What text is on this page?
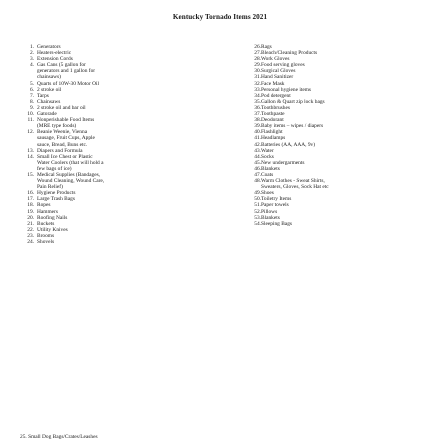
Kentucky Tornado Items 2021
1. Generators
2. Heaters-electric
3. Extension Cords
4. Gas Cans (5 gallon for
generators and 1 gallon for
chainsaws)
5. Quarts of 10W-30 Motor Oil
6. 2 stroke oil
7. Tarps
8. Chainsaws
9. 2 stroke oil and bar oil
10. Gatorade
11. Nonperishable Food Items
(MRE type foods)
12. Beanie Weenie, Vienna
sausage, Fruit Cups, Apple
sauce, Bread, Buns etc.
13. Diapers and Formula
14. Small Ice Chest or Plastic
Water Coolers (that will hold a
few bags of ice)
15. Medical Supplies (Bandages,
Wound Cleaning, Wound Care,
Pain Relief)
16. Hygiene Products
17. Large Trash Bags
18. Ropes
19. Hammers
20. Roofing Nails
21. Buckets
22. Utility Knives
23. Brooms
24. Shovels
26. Rags
27. Bleach/Cleaning Products
28. Work Gloves
29. Food serving gloves
30. Surgical Gloves
31. Hand Sanitizer
32. Face Mask
33. Personal hygiene items
34. Pod detergent
35. Gallon & Quart zip lock bags
36. Toothbrushes
37. Toothpaste
38. Deodorant
39. Baby items – wipes / diapers
40. Flashlight
41. Headlamps
42. Batteries (AA, AAA, 9v)
43. Water
44. Socks
45. New undergarments
46. Blankets
47. Coats
48. Warm Clothes - Sweat Shirts,
Sweaters, Gloves, Sock Hat etc
49. Shoes
50. Toiletry Items
51. Paper towels
52. Pillows
53. Blankets
54. Sleeping Bags
25. Small Dog Bags/Crates/Leashes
